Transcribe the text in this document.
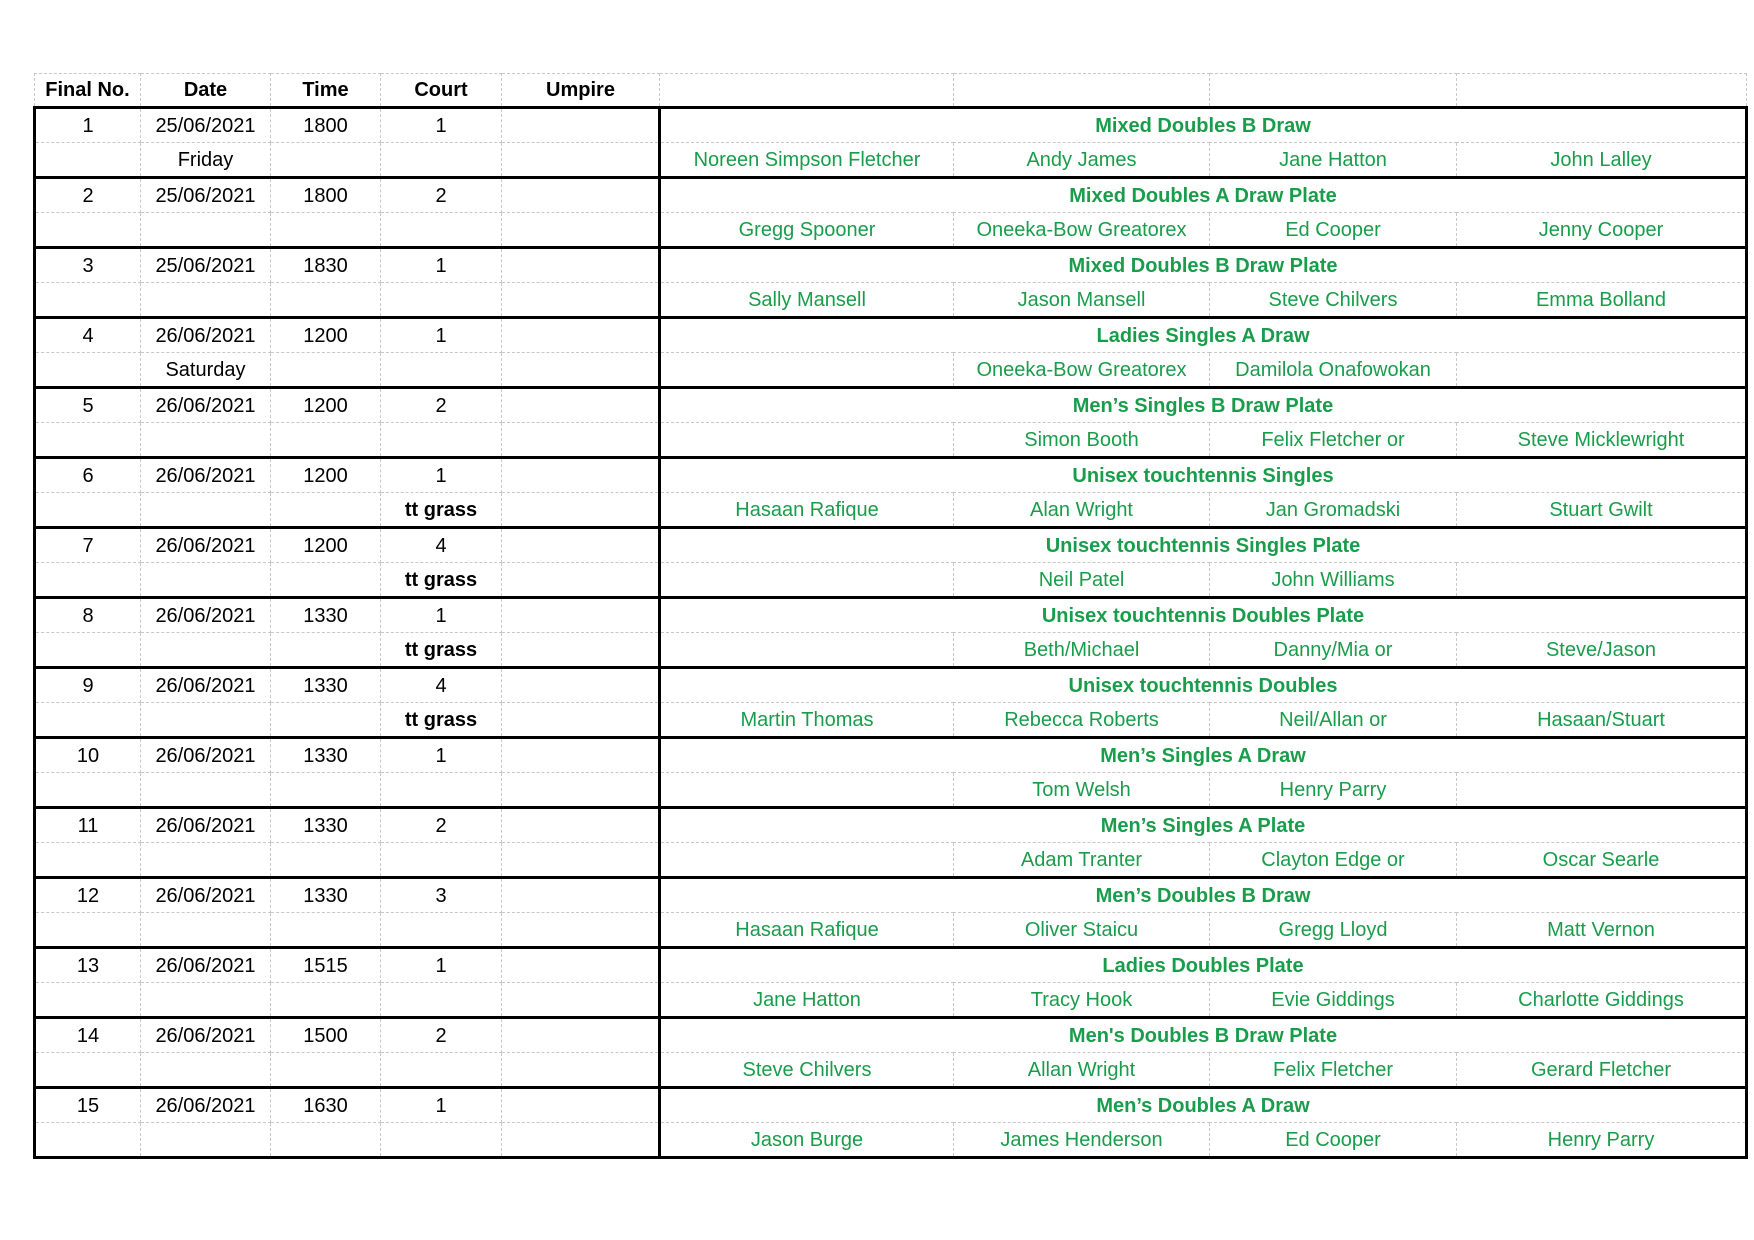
Final No.	Date	Time	Court	Umpire				
1	25/06/2021	1800	1		Mixed Doubles B Draw			
	Friday				Noreen Simpson Fletcher	Andy James	Jane Hatton	John Lalley
2	25/06/2021	1800	2		Mixed Doubles A Draw Plate			
					Gregg Spooner	Oneeka-Bow Greatorex	Ed Cooper	Jenny Cooper
3	25/06/2021	1830	1		Mixed Doubles B Draw Plate			
					Sally Mansell	Jason Mansell	Steve Chilvers	Emma Bolland
4	26/06/2021	1200	1		Ladies Singles A Draw			
	Saturday					Oneeka-Bow Greatorex	Damilola Onafowokan	
5	26/06/2021	1200	2		Men’s Singles B Draw Plate			
						Simon Booth	Felix Fletcher or	Steve Micklewright
6	26/06/2021	1200	1		Unisex touchtennis Singles			
			tt grass		Hasaan Rafique	Alan Wright	Jan Gromadski	Stuart Gwilt
7	26/06/2021	1200	4		Unisex touchtennis Singles Plate			
			tt grass			Neil Patel	John Williams	
8	26/06/2021	1330	1		Unisex touchtennis Doubles Plate			
			tt grass			Beth/Michael	Danny/Mia or	Steve/Jason
9	26/06/2021	1330	4		Unisex touchtennis Doubles			
			tt grass		Martin Thomas	Rebecca Roberts	Neil/Allan or	Hasaan/Stuart
10	26/06/2021	1330	1		Men’s Singles A Draw			
						Tom Welsh	Henry Parry	
11	26/06/2021	1330	2		Men’s Singles A Plate			
						Adam Tranter	Clayton Edge or	Oscar Searle
12	26/06/2021	1330	3		Men’s Doubles B Draw			
					Hasaan Rafique	Oliver Staicu	Gregg Lloyd	Matt Vernon
13	26/06/2021	1515	1		Ladies Doubles Plate			
					Jane Hatton	Tracy Hook	Evie Giddings	Charlotte Giddings
14	26/06/2021	1500	2		Men's Doubles B Draw Plate			
					Steve Chilvers	Allan Wright	Felix Fletcher	Gerard Fletcher
15	26/06/2021	1630	1		Men’s Doubles A Draw			
					Jason Burge	James Henderson	Ed Cooper	Henry Parry
